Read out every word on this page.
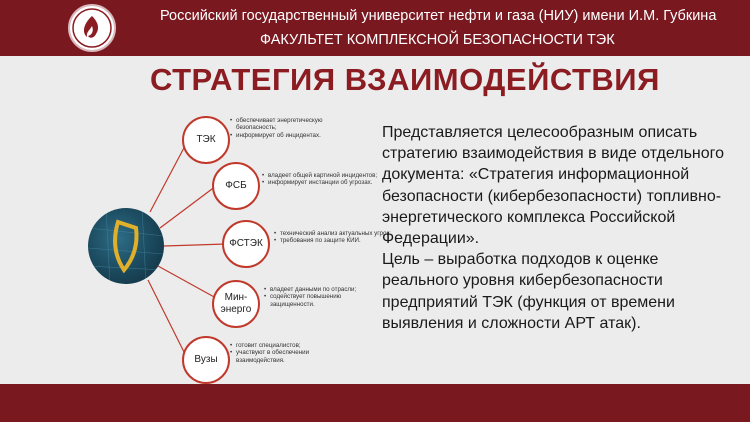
Российский государственный университет нефти и газа (НИУ) имени И.М. Губкина
ФАКУЛЬТЕТ КОМПЛЕКСНОЙ БЕЗОПАСНОСТИ ТЭК
СТРАТЕГИЯ ВЗАИМОДЕЙСТВИЯ
ТЭК
• обеспечивает энергетическую безопасность;
• информирует об инцидентах.
ФСБ
• владеет общей картиной инцидентов;
• информирует инстанции об угрозах.
ФСТЭК
• технический анализ актуальных угроз;
• требования по защите КИИ.
Мин-
энерго
• владеет данными по отрасли;
• содействует повышению защищенности.
Вузы
• готовит специалистов;
• участвуют в обеспечении взаимодействия.

Представляется целесообразным описать стратегию взаимодействия в виде отдельного документа: «Стратегия информационной безопасности (кибербезопасности) топливно-энергетического комплекса Российской Федерации».

Цель – выработка подходов к оценке реального уровня кибербезопасности предприятий ТЭК (функция от времени выявления и сложности АРТ атак).
